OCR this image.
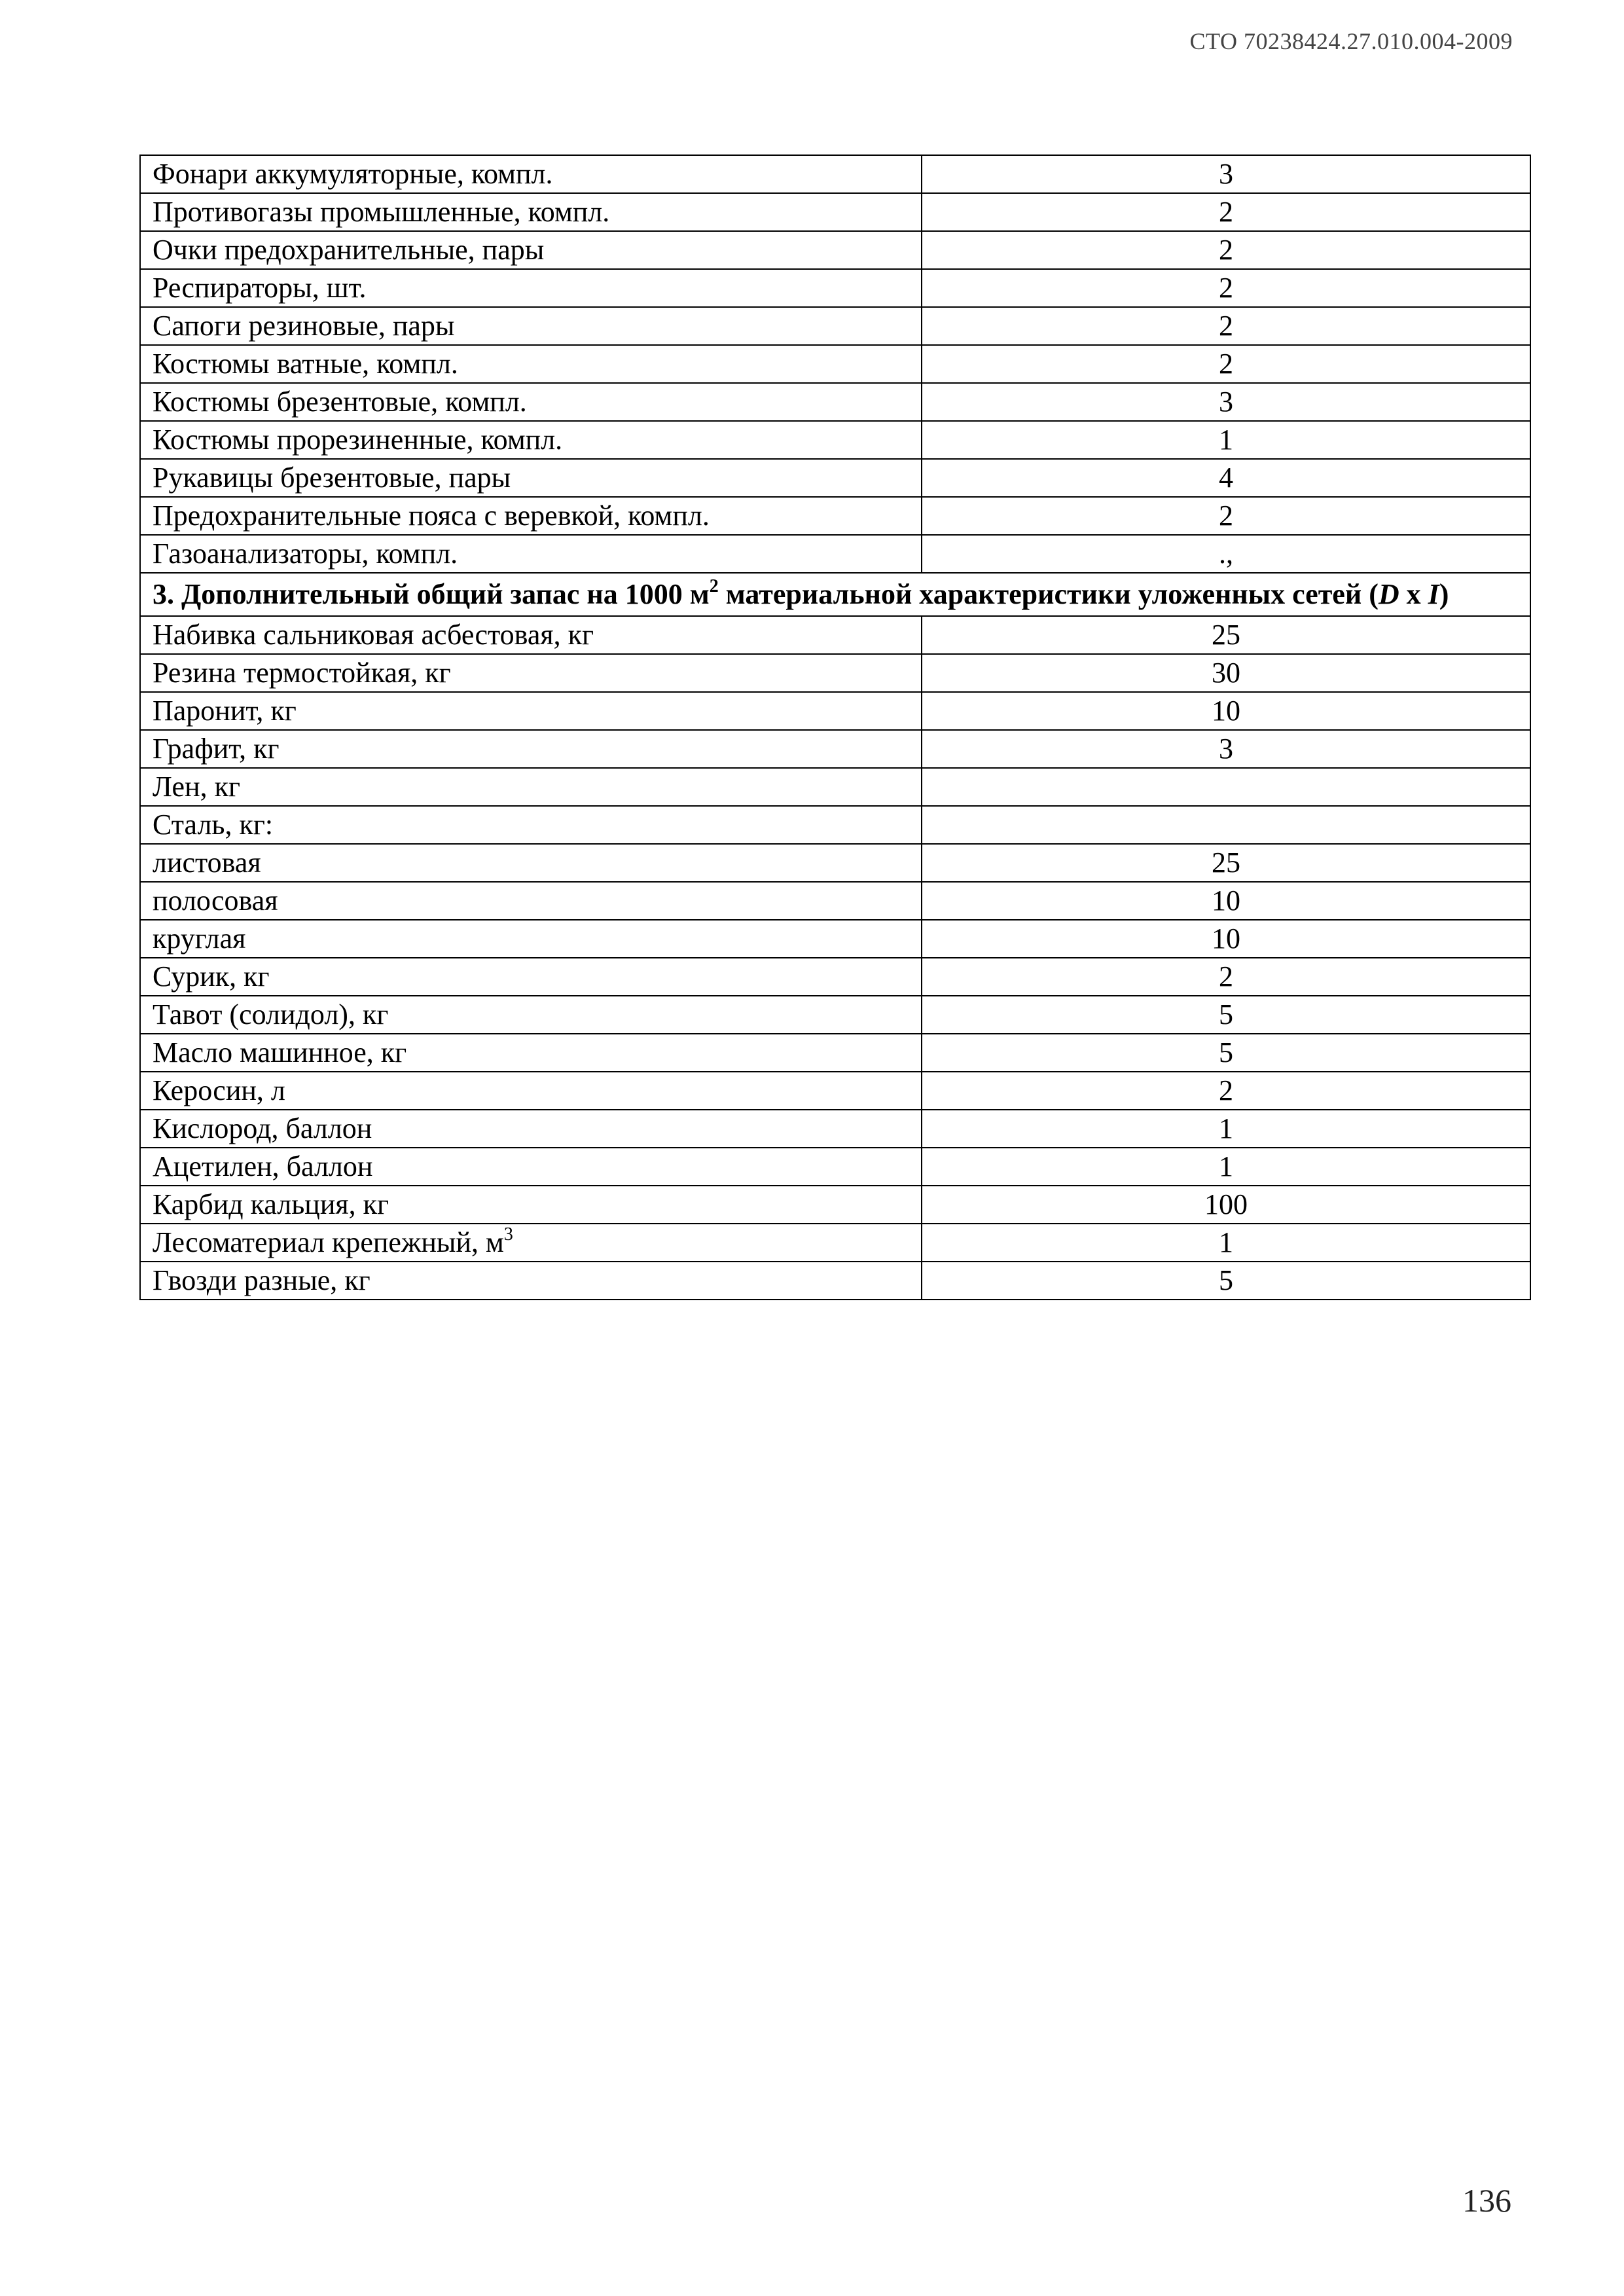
СТО 70238424.27.010.004-2009
Фонари аккумуляторные, компл.	3
Противогазы промышленные, компл.	2
Очки предохранительные, пары	2
Респираторы, шт.	2
Сапоги резиновые, пары	2
Костюмы ватные, компл.	2
Костюмы брезентовые, компл.	3
Костюмы прорезиненные, компл.	1
Рукавицы брезентовые, пары	4
Предохранительные пояса с веревкой, компл.	2
Газоанализаторы, компл.	.,
3. Дополнительный общий запас на 1000 $м^2$ материальной характеристики уложенных сетей (D х I)	
Набивка сальниковая асбестовая, кг	25
Резина термостойкая, кг	30
Паронит, кг	10
Графит, кг	3
Лен, кг	
Сталь, кг:	
листовая	25
полосовая	10
круглая	10
Сурик, кг	2
Тавот (солидол), кг	5
Масло машинное, кг	5
Керосин, л	2
Кислород, баллон	1
Ацетилен, баллон	1
Карбид кальция, кг	100
Лесоматериал крепежный, $м^3$	1
Гвозди разные, кг	5
136
